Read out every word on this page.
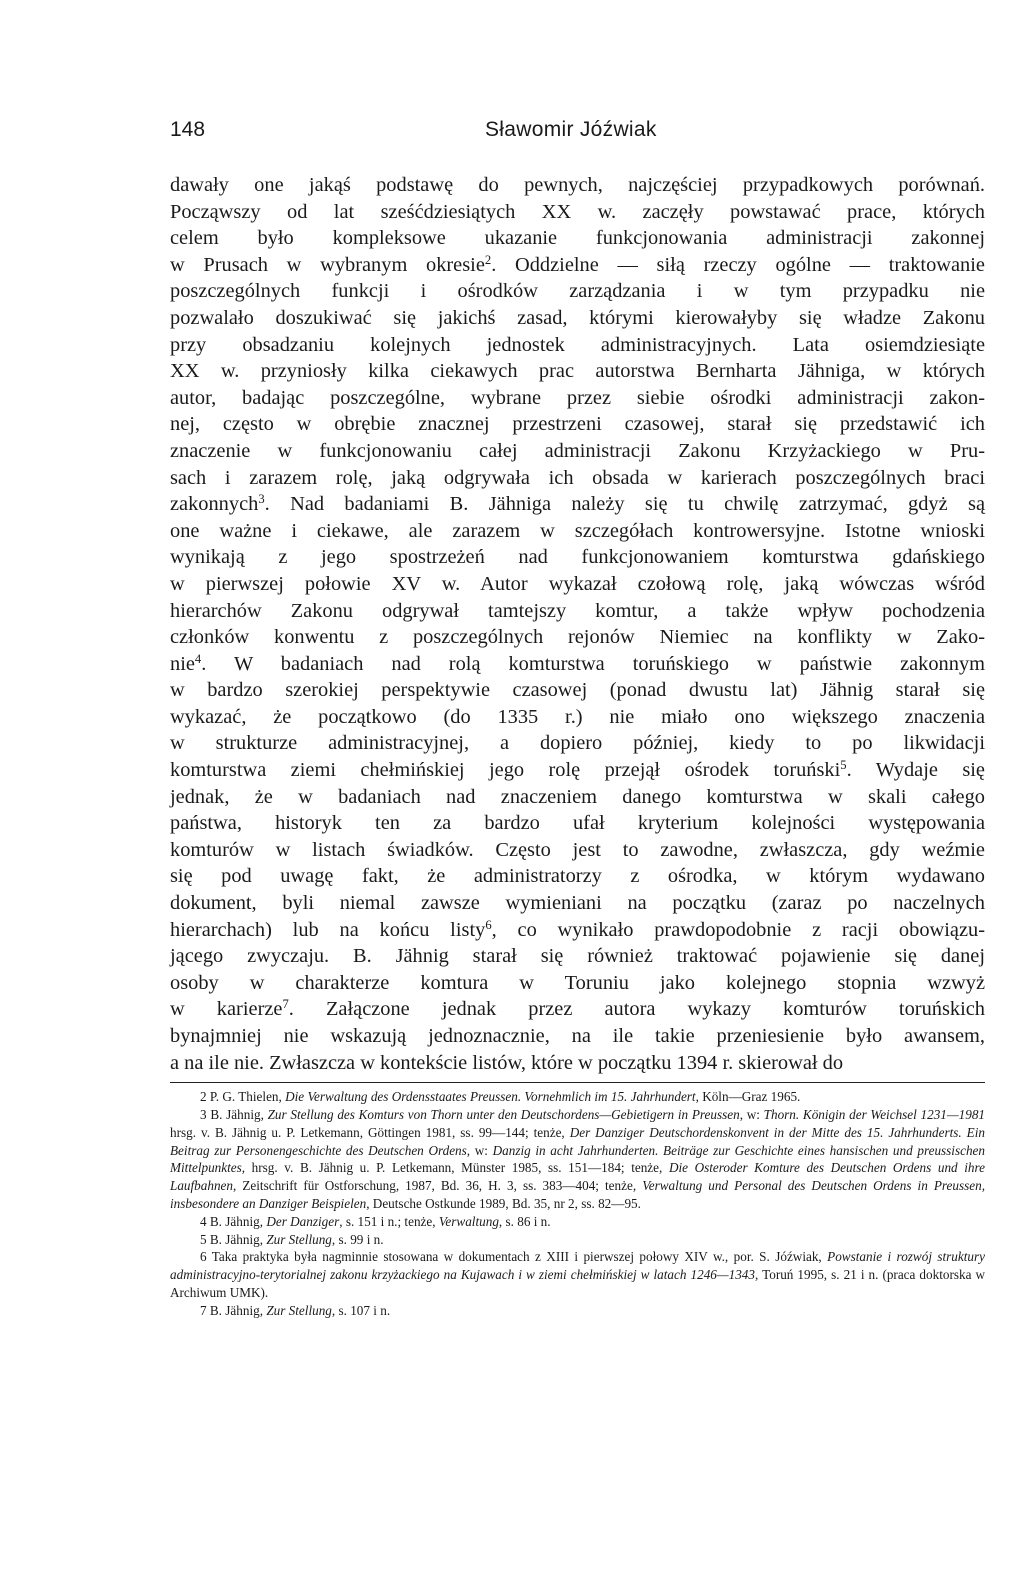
148	Sławomir Jóźwiak
dawały one jakąś podstawę do pewnych, najczęściej przypadkowych porównań.
Począwszy od lat sześćdziesiątych XX w. zaczęły powstawać prace, których
celem było kompleksowe ukazanie funkcjonowania administracji zakonnej
w Prusach w wybranym okresie$^2$. Oddzielne — siłą rzeczy ogólne — traktowanie
poszczególnych funkcji i ośrodków zarządzania i w tym przypadku nie
pozwalało doszukiwać się jakichś zasad, którymi kierowałyby się władze Zakonu
przy obsadzaniu kolejnych jednostek administracyjnych. Lata osiemdziesiąte
XX w. przyniosły kilka ciekawych prac autorstwa Bernharta Jähniga, w których
autor, badając poszczególne, wybrane przez siebie ośrodki administracji zakon-
nej, często w obrębie znacznej przestrzeni czasowej, starał się przedstawić ich
znaczenie w funkcjonowaniu całej administracji Zakonu Krzyżackiego w Pru-
sach i zarazem rolę, jaką odgrywała ich obsada w karierach poszczególnych braci
zakonnych$^3$. Nad badaniami B. Jähniga należy się tu chwilę zatrzymać, gdyż są
one ważne i ciekawe, ale zarazem w szczegółach kontrowersyjne. Istotne wnioski
wynikają z jego spostrzeżeń nad funkcjonowaniem komturstwa gdańskiego
w pierwszej połowie XV w. Autor wykazał czołową rolę, jaką wówczas wśród
hierarchów Zakonu odgrywał tamtejszy komtur, a także wpływ pochodzenia
członków konwentu z poszczególnych rejonów Niemiec na konflikty w Zako-
nie$^4$. W badaniach nad rolą komturstwa toruńskiego w państwie zakonnym
w bardzo szerokiej perspektywie czasowej (ponad dwustu lat) Jähnig starał się
wykazać, że początkowo (do 1335 r.) nie miało ono większego znaczenia
w strukturze administracyjnej, a dopiero później, kiedy to po likwidacji
komturstwa ziemi chełmińskiej jego rolę przejął ośrodek toruński$^5$. Wydaje się
jednak, że w badaniach nad znaczeniem danego komturstwa w skali całego
państwa, historyk ten za bardzo ufał kryterium kolejności występowania
komturów w listach świadków. Często jest to zawodne, zwłaszcza, gdy weźmie
się pod uwagę fakt, że administratorzy z ośrodka, w którym wydawano
dokument, byli niemal zawsze wymieniani na początku (zaraz po naczelnych
hierarchach) lub na końcu listy$^6$, co wynikało prawdopodobnie z racji obowiązu-
jącego zwyczaju. B. Jähnig starał się również traktować pojawienie się danej
osoby w charakterze komtura w Toruniu jako kolejnego stopnia wzwyż
w karierze$^7$. Załączone jednak przez autora wykazy komturów toruńskich
bynajmniej nie wskazują jednoznacznie, na ile takie przeniesienie było awansem,
a na ile nie. Zwłaszcza w kontekście listów, które w początku 1394 r. skierował do

2 P. G. Thielen, Die Verwaltung des Ordensstaates Preussen. Vornehmlich im 15. Jahrhundert, Köln—Graz 1965.

3 B. Jähnig, Zur Stellung des Komturs von Thorn unter den Deutschordens—Gebietigern in Preussen, w: Thorn. Königin der Weichsel 1231—1981 hrsg. v. B. Jähnig u. P. Letkemann, Göttingen 1981, ss. 99—144; tenże, Der Danziger Deutschordenskonvent in der Mitte des 15. Jahrhunderts. Ein Beitrag zur Personengeschichte des Deutschen Ordens, w: Danzig in acht Jahrhunderten. Beiträge zur Geschichte eines hansischen und preussischen Mittelpunktes, hrsg. v. B. Jähnig u. P. Letkemann, Münster 1985, ss. 151—184; tenże, Die Osteroder Komture des Deutschen Ordens und ihre Laufbahnen, Zeitschrift für Ostforschung, 1987, Bd. 36, H. 3, ss. 383—404; tenże, Verwaltung und Personal des Deutschen Ordens in Preussen, insbesondere an Danziger Beispielen, Deutsche Ostkunde 1989, Bd. 35, nr 2, ss. 82—95.

4 B. Jähnig, Der Danziger, s. 151 i n.; tenże, Verwaltung, s. 86 i n.

5 B. Jähnig, Zur Stellung, s. 99 i n.

6 Taka praktyka była nagminnie stosowana w dokumentach z XIII i pierwszej połowy XIV w., por. S. Jóźwiak, Powstanie i rozwój struktury administracyjno-terytorialnej zakonu krzyżackiego na Kujawach i w ziemi chełmińskiej w latach 1246—1343, Toruń 1995, s. 21 i n. (praca doktorska w Archiwum UMK).

7 B. Jähnig, Zur Stellung, s. 107 i n.
